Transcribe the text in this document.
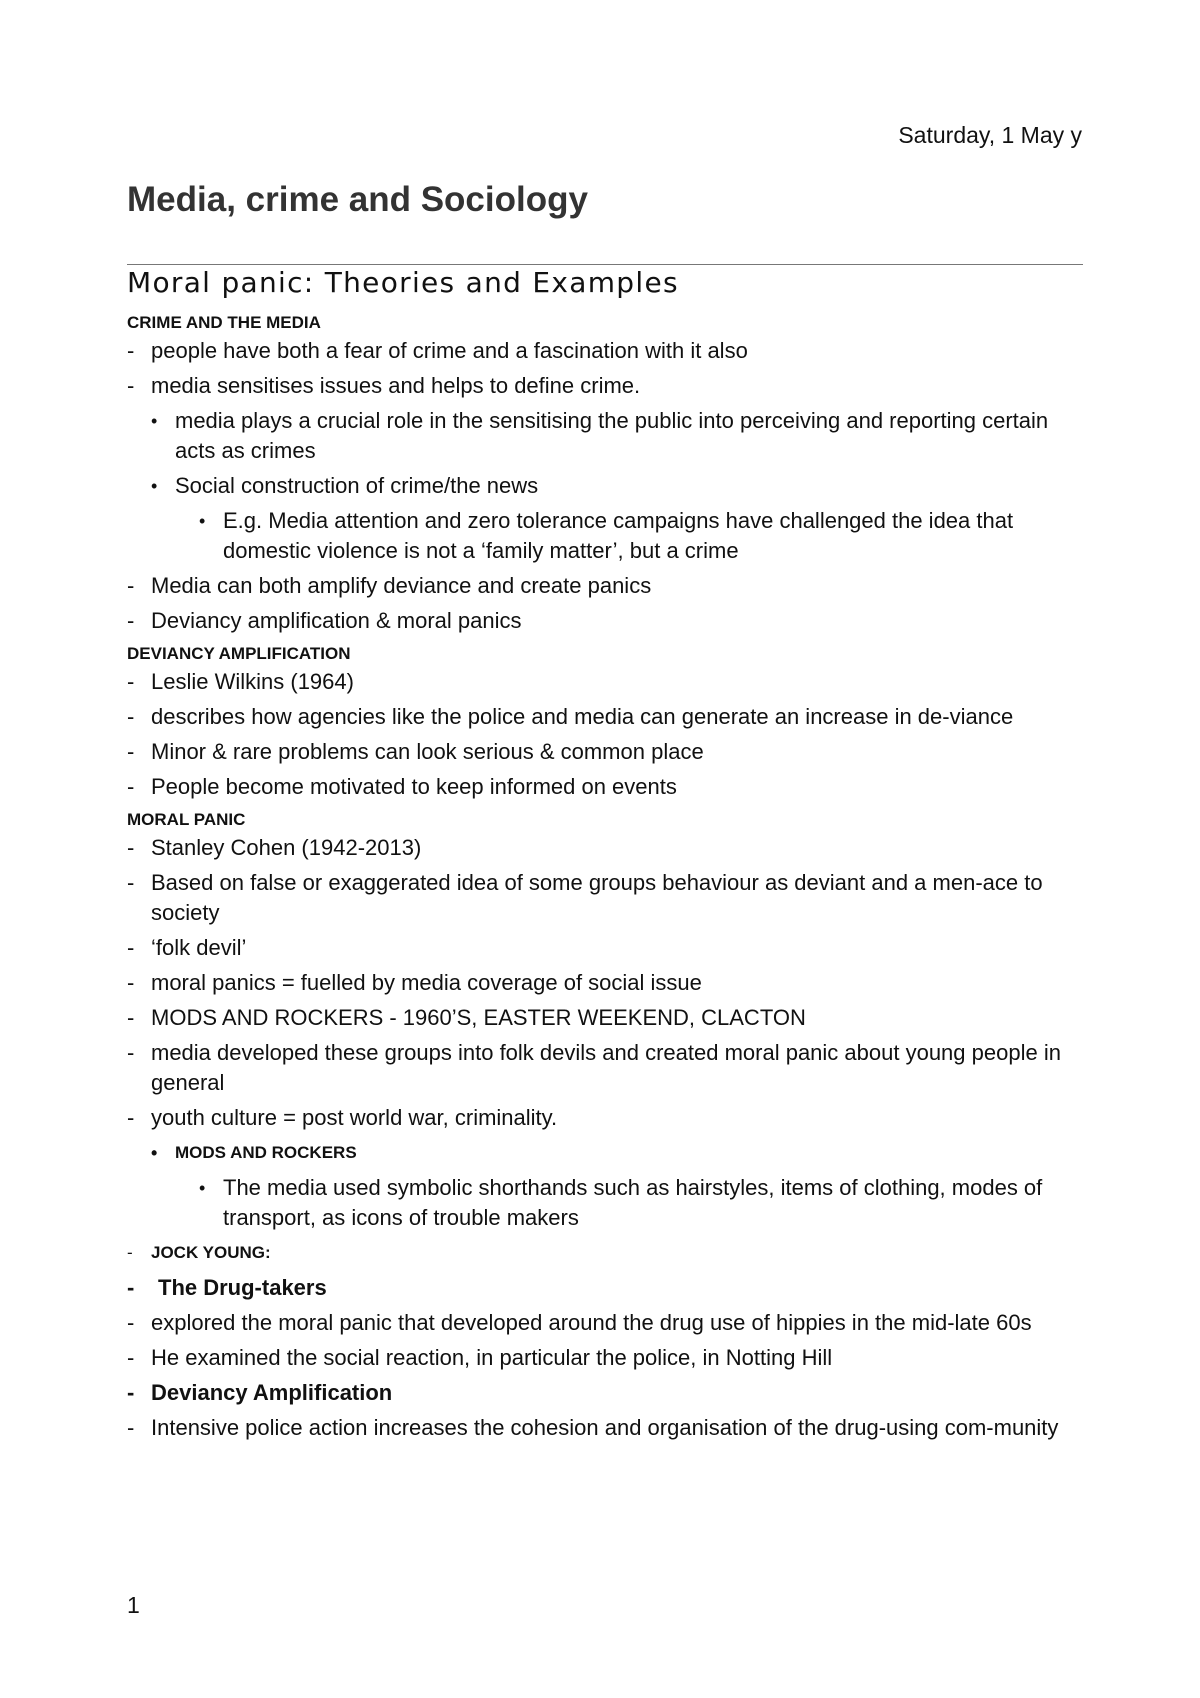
Saturday, 1 May y
Media, crime and Sociology
Moral panic: Theories and Examples
CRIME AND THE MEDIA
- people have both a fear of crime and a fascination with it also
- media sensitises issues and helps to define crime.
• media plays a crucial role in the sensitising the public into perceiving and reporting certain acts as crimes
• Social construction of crime/the news
• E.g. Media attention and zero tolerance campaigns have challenged the idea that domestic violence is not a ‘family matter’, but a crime
- Media can both amplify deviance and create panics
- Deviancy amplification & moral panics
DEVIANCY AMPLIFICATION
- Leslie Wilkins (1964)
- describes how agencies like the police and media can generate an increase in de-viance
- Minor & rare problems can look serious & common place
- People become motivated to keep informed on events
MORAL PANIC
- Stanley Cohen (1942-2013)
- Based on false or exaggerated idea of some groups behaviour as deviant and a men-ace to society
- ‘folk devil’
- moral panics = fuelled by media coverage of social issue
- MODS AND ROCKERS - 1960’S, EASTER WEEKEND, CLACTON
- media developed these groups into folk devils and created moral panic about young people in general
- youth culture = post world war, criminality.
• MODS AND ROCKERS
• The media used symbolic shorthands such as hairstyles, items of clothing, modes of transport, as icons of trouble makers
- JOCK YOUNG:
- The Drug-takers
- explored the moral panic that developed around the drug use of hippies in the mid-late 60s
- He examined the social reaction, in particular the police, in Notting Hill
- Deviancy Amplification
- Intensive police action increases the cohesion and organisation of the drug-using com-munity
1
